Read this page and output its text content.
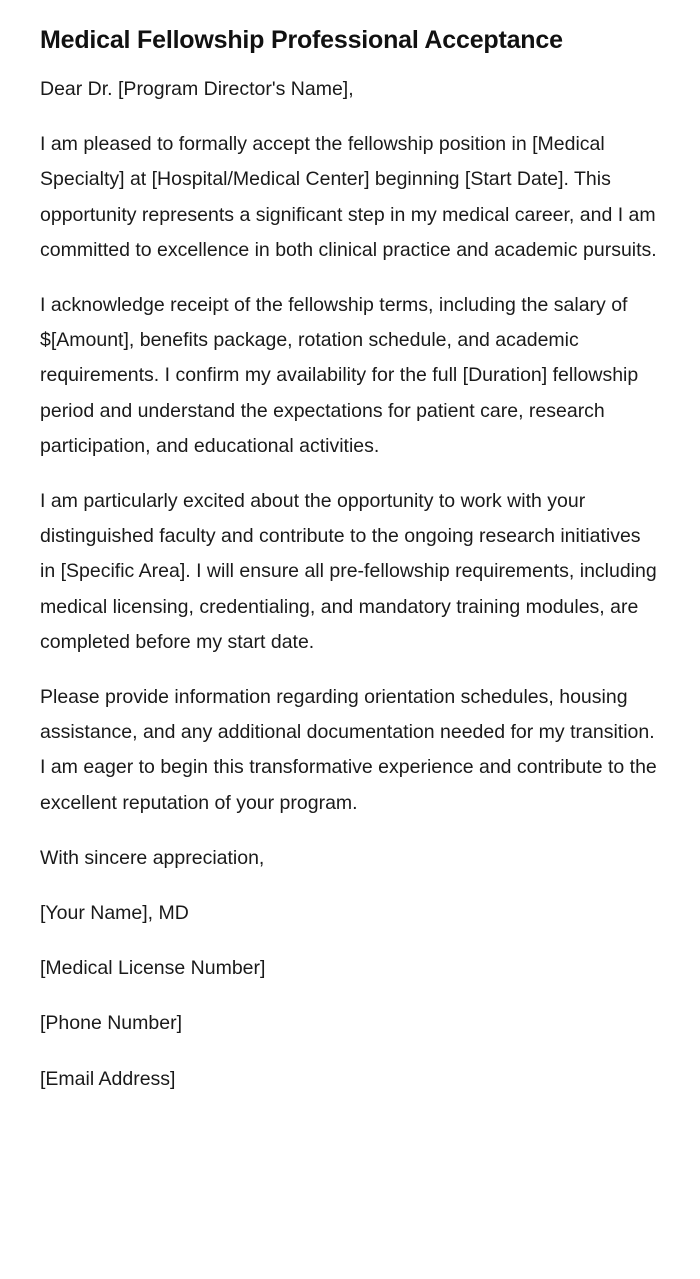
Medical Fellowship Professional Acceptance

Dear Dr. [Program Director's Name],

I am pleased to formally accept the fellowship position in [Medical Specialty] at [Hospital/Medical Center] beginning [Start Date]. This opportunity represents a significant step in my medical career, and I am committed to excellence in both clinical practice and academic pursuits.

I acknowledge receipt of the fellowship terms, including the salary of $[Amount], benefits package, rotation schedule, and academic requirements. I confirm my availability for the full [Duration] fellowship period and understand the expectations for patient care, research participation, and educational activities.

I am particularly excited about the opportunity to work with your distinguished faculty and contribute to the ongoing research initiatives in [Specific Area]. I will ensure all pre-fellowship requirements, including medical licensing, credentialing, and mandatory training modules, are completed before my start date.

Please provide information regarding orientation schedules, housing assistance, and any additional documentation needed for my transition. I am eager to begin this transformative experience and contribute to the excellent reputation of your program.

With sincere appreciation,

[Your Name], MD

[Medical License Number]

[Phone Number]

[Email Address]
